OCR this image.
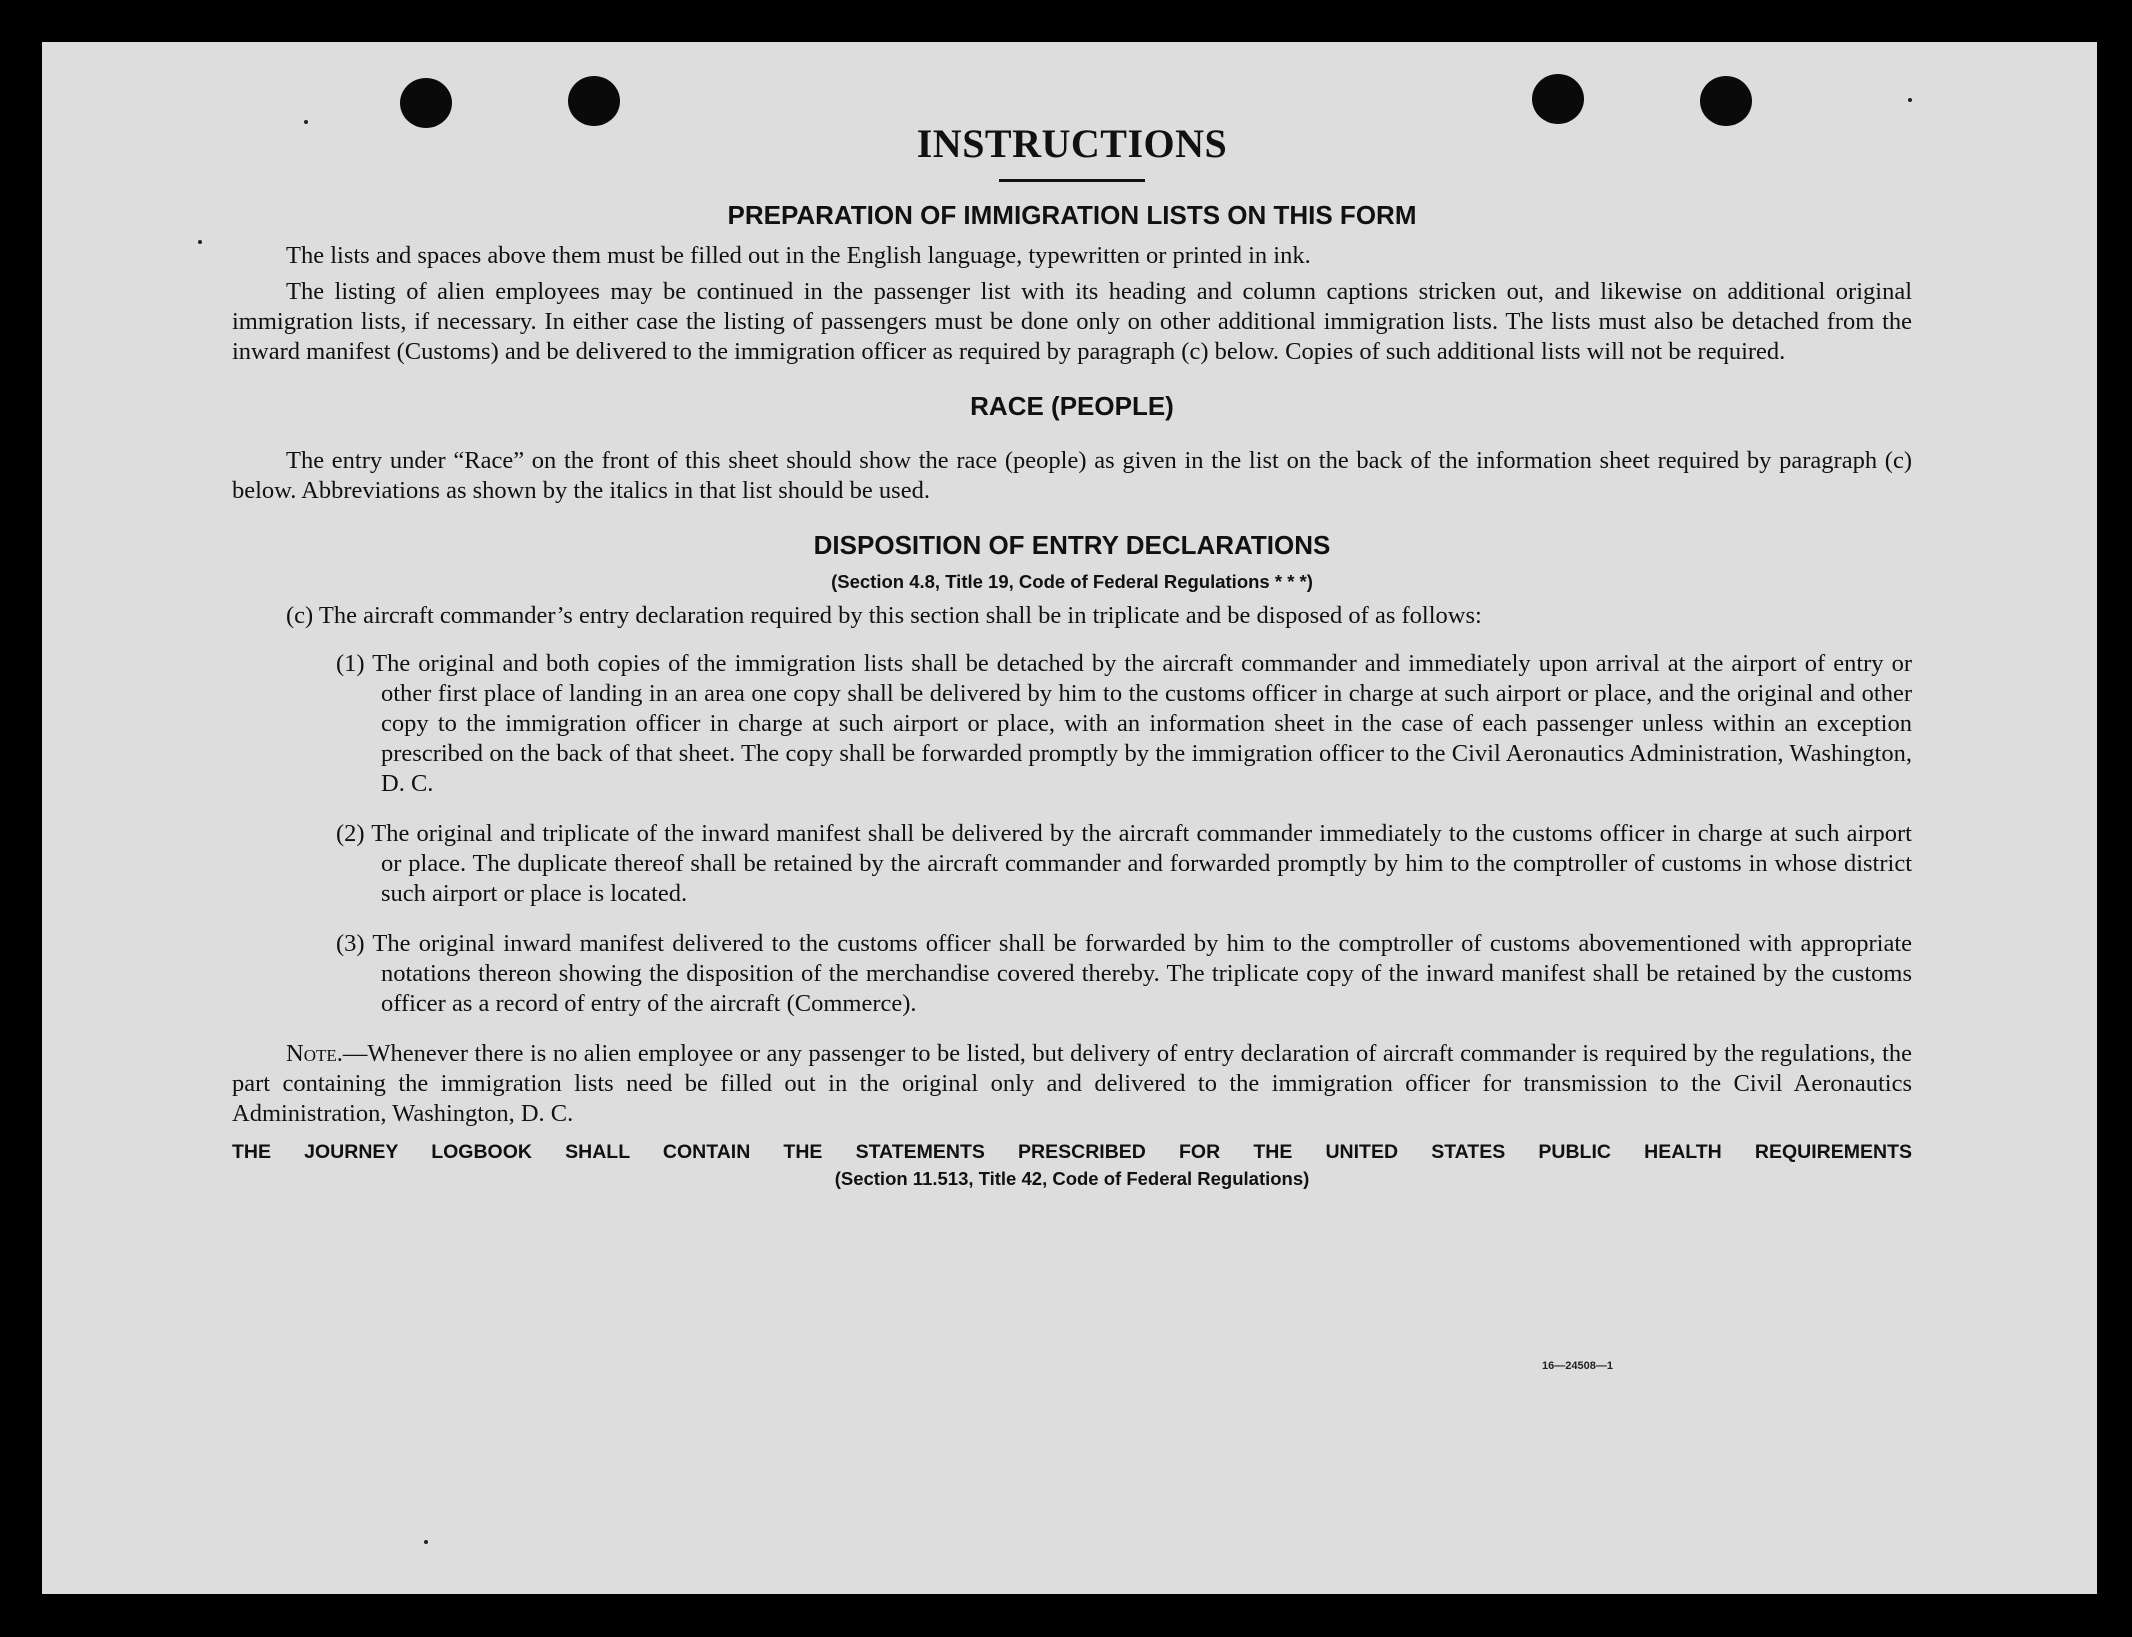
INSTRUCTIONS
PREPARATION OF IMMIGRATION LISTS ON THIS FORM

The lists and spaces above them must be filled out in the English language, typewritten or printed in ink.

The listing of alien employees may be continued in the passenger list with its heading and column captions stricken out, and likewise on additional original immigration lists, if necessary. In either case the listing of passengers must be done only on other additional immigration lists. The lists must also be detached from the inward manifest (Customs) and be delivered to the immigration officer as required by paragraph (c) below. Copies of such additional lists will not be required.

RACE (PEOPLE)

The entry under “Race” on the front of this sheet should show the race (people) as given in the list on the back of the information sheet required by paragraph (c) below. Abbreviations as shown by the italics in that list should be used.

DISPOSITION OF ENTRY DECLARATIONS

(Section 4.8, Title 19, Code of Federal Regulations * * *)

(c) The aircraft commander’s entry declaration required by this section shall be in triplicate and be disposed of as follows:

(1) The original and both copies of the immigration lists shall be detached by the aircraft commander and immediately upon arrival at the airport of entry or other first place of landing in an area one copy shall be delivered by him to the customs officer in charge at such airport or place, and the original and other copy to the immigration officer in charge at such airport or place, with an information sheet in the case of each passenger unless within an exception prescribed on the back of that sheet. The copy shall be forwarded promptly by the immigration officer to the Civil Aeronautics Administration, Washington, D. C.

(2) The original and triplicate of the inward manifest shall be delivered by the aircraft commander immediately to the customs officer in charge at such airport or place. The duplicate thereof shall be retained by the aircraft commander and forwarded promptly by him to the comptroller of customs in whose district such airport or place is located.

(3) The original inward manifest delivered to the customs officer shall be forwarded by him to the comptroller of customs abovementioned with appropriate notations thereon showing the disposition of the merchandise covered thereby. The triplicate copy of the inward manifest shall be retained by the customs officer as a record of entry of the aircraft (Commerce).

Note.—Whenever there is no alien employee or any passenger to be listed, but delivery of entry declaration of aircraft commander is required by the regulations, the part containing the immigration lists need be filled out in the original only and delivered to the immigration officer for transmission to the Civil Aeronautics Administration, Washington, D. C.

THE JOURNEY LOGBOOK SHALL CONTAIN THE STATEMENTS PRESCRIBED FOR THE UNITED STATES PUBLIC HEALTH REQUIREMENTS

(Section 11.513, Title 42, Code of Federal Regulations)

16—24508—1
